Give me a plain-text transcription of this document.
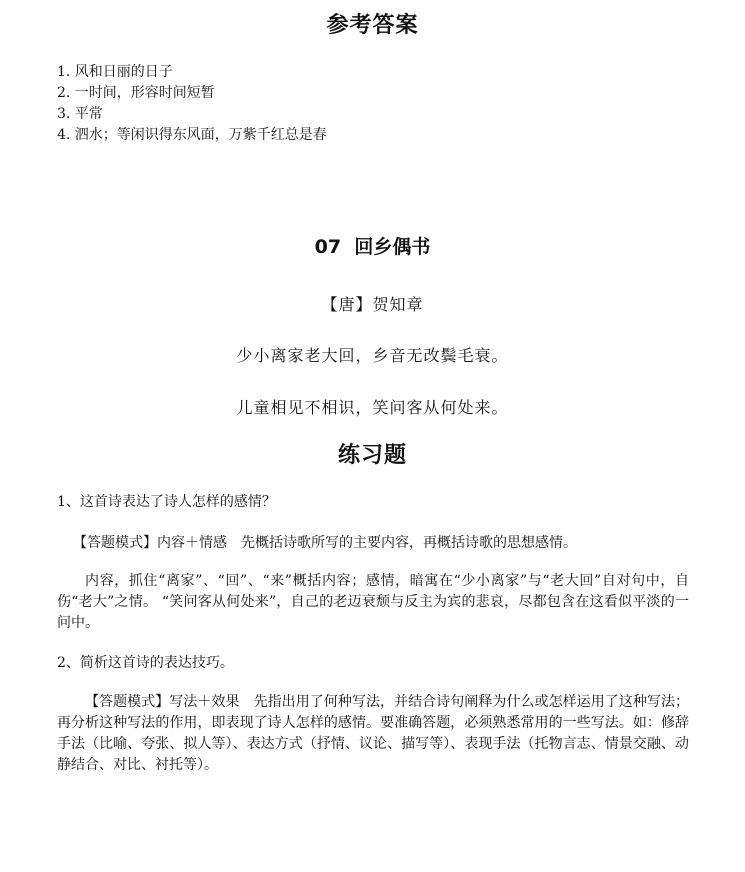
参考答案
1. 风和日丽的日子
2. 一时间，形容时间短暂
3. 平常
4. 泗水；等闲识得东风面，万紫千红总是春
07  回乡偶书
【唐】贺知章
少小离家老大回，乡音无改鬓毛衰。
儿童相见不相识，笑问客从何处来。
练习题
1、这首诗表达了诗人怎样的感情？
【答题模式】内容＋情感　先概括诗歌所写的主要内容，再概括诗歌的思想感情。
内容，抓住“离家”、“回”、“来”概括内容；感情，暗寓在“少小离家”与“老大回”自对句中，自伤“老大”之情。 “笑问客从何处来”，自己的老迈衰颓与反主为宾的悲哀，尽都包含在这看似平淡的一问中。
2、简析这首诗的表达技巧。
【答题模式】写法＋效果　先指出用了何种写法，并结合诗句阐释为什么或怎样运用了这种写法；再分析这种写法的作用，即表现了诗人怎样的感情。要准确答题，必须熟悉常用的一些写法。如：修辞手法（比喻、夸张、拟人等）、表达方式（抒情、议论、描写等）、表现手法（托物言志、情景交融、动静结合、对比、衬托等）。
